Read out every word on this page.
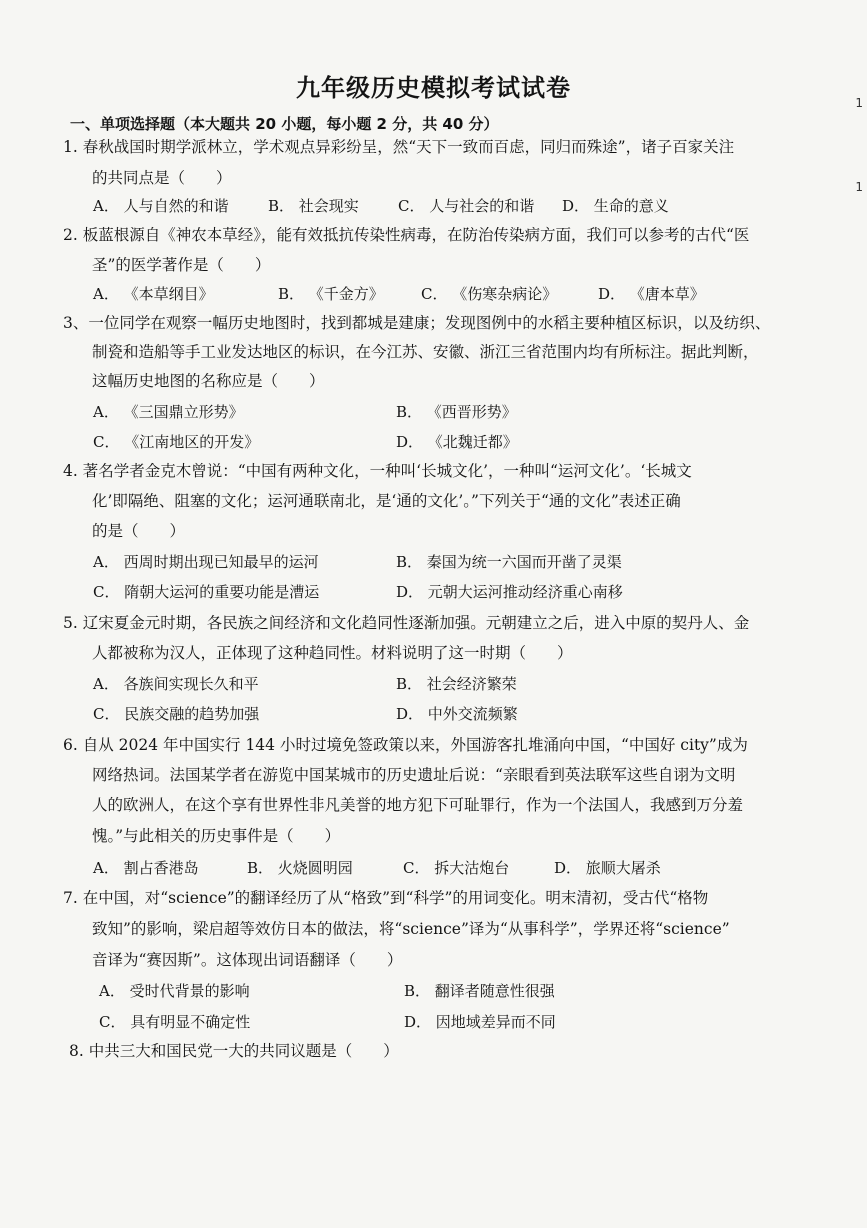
九年级历史模拟考试试卷
一、单项选择题（本大题共 20 小题，每小题 2 分，共 40 分）
1. 春秋战国时期学派林立，学术观点异彩纷呈，然“天下一致而百虑，同归而殊途”，诸子百家关注
的共同点是（　　）
A． 人与自然的和谐	B． 社会现实	C． 人与社会的和谐 D． 生命的意义
2. 板蓝根源自《神农本草经》，能有效抵抗传染性病毒，在防治传染病方面，我们可以参考的古代“医
圣”的医学著作是（　　）
A． 《本草纲目》	B． 《千金方》 C． 《伤寒杂病论》	D． 《唐本草》
3、一位同学在观察一幅历史地图时，找到都城是建康；发现图例中的水稻主要种植区标识，以及纺织、
制瓷和造船等手工业发达地区的标识，在今江苏、安徽、浙江三省范围内均有所标注。据此判断，
这幅历史地图的名称应是（　　）
A． 《三国鼎立形势》	B． 《西晋形势》
C． 《江南地区的开发》	D． 《北魏迁都》
4. 著名学者金克木曾说：“中国有两种文化，一种叫‘长城文化’，一种叫“运河文化’。‘长城文
化’即隔绝、阻塞的文化；运河通联南北，是‘通的文化’。”下列关于“通的文化”表述正确
的是（　　）
A． 西周时期出现已知最早的运河	B． 秦国为统一六国而开凿了灵渠
C． 隋朝大运河的重要功能是漕运	D． 元朝大运河推动经济重心南移
5. 辽宋夏金元时期，各民族之间经济和文化趋同性逐渐加强。元朝建立之后，进入中原的契丹人、金
人都被称为汉人，正体现了这种趋同性。材料说明了这一时期（　　）
A． 各族间实现长久和平	B． 社会经济繁荣
C． 民族交融的趋势加强	D． 中外交流频繁
6. 自从 2024 年中国实行 144 小时过境免签政策以来，外国游客扎堆涌向中国，“中国好 city”成为
网络热词。法国某学者在游览中国某城市的历史遗址后说：“亲眼看到英法联军这些自诩为文明
人的欧洲人，在这个享有世界性非凡美誉的地方犯下可耻罪行，作为一个法国人，我感到万分羞
愧。”与此相关的历史事件是（　　）
A． 割占香港岛	B． 火烧圆明园	C． 拆大沽炮台	D． 旅顺大屠杀
7. 在中国，对“science”的翻译经历了从“格致”到“科学”的用词变化。明末清初，受古代“格物
致知”的影响，梁启超等效仿日本的做法，将“science”译为“从事科学”，学界还将“science”
音译为“赛因斯”。这体现出词语翻译（　　）
A． 受时代背景的影响	B． 翻译者随意性很强
C． 具有明显不确定性	D． 因地域差异而不同
8. 中共三大和国民党一大的共同议题是（　　）
1
1
